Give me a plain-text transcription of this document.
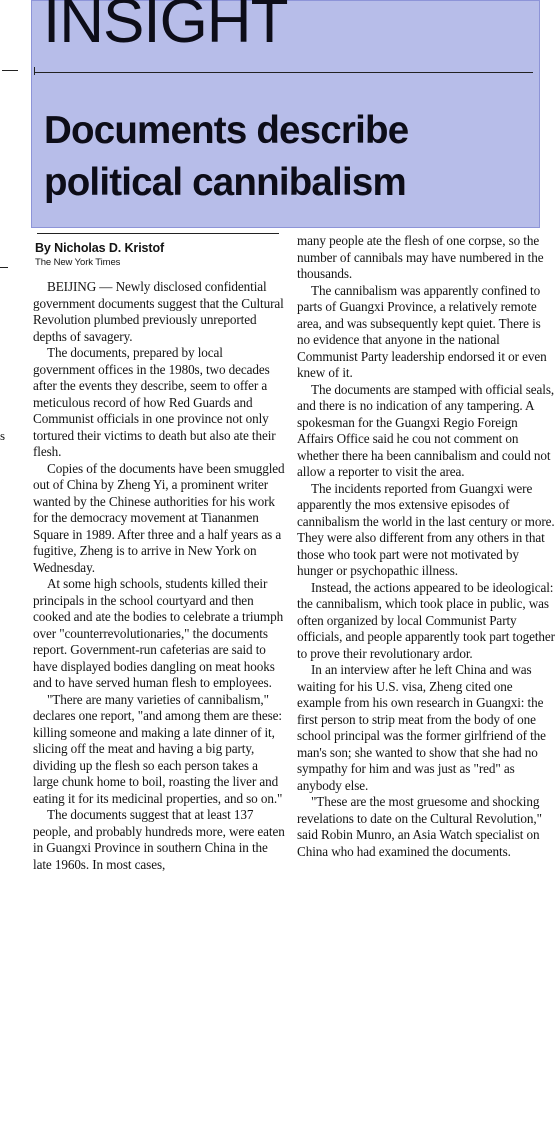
INSIGHT
Documents describe political cannibalism
s
By Nicholas D. Kristof
The New York Times

BEIJING — Newly disclosed confidential government documents suggest that the Cultural Revolution plumbed previously unreported depths of savagery.

The documents, prepared by local government offices in the 1980s, two decades after the events they describe, seem to offer a meticulous record of how Red Guards and Communist officials in one province not only tortured their victims to death but also ate their flesh.

Copies of the documents have been smuggled out of China by Zheng Yi, a prominent writer wanted by the Chinese authorities for his work for the democracy movement at Tiananmen Square in 1989. After three and a half years as a fugitive, Zheng is to arrive in New York on Wednesday.

At some high schools, students killed their principals in the school courtyard and then cooked and ate the bodies to celebrate a triumph over "counterrevolutionaries," the documents report. Government-run cafeterias are said to have displayed bodies dangling on meat hooks and to have served human flesh to employees.

"There are many varieties of cannibalism," declares one report, "and among them are these: killing someone and making a late dinner of it, slicing off the meat and having a big party, dividing up the flesh so each person takes a large chunk home to boil, roasting the liver and eating it for its medicinal properties, and so on."

The documents suggest that at least 137 people, and probably hundreds more, were eaten in Guangxi Province in southern China in the late 1960s. In most cases,

many people ate the flesh of one corpse, so the number of cannibals may have numbered in the thousands.

The cannibalism was apparently confined to parts of Guangxi Province, a relatively remote area, and was subsequently kept quiet. There is no evidence that anyone in the national Communist Party leadership endorsed it or even knew of it.

The documents are stamped with official seals, and there is no indication of any tampering. A spokesman for the Guangxi Regio Foreign Affairs Office said he cou not comment on whether there ha been cannibalism and could not allow a reporter to visit the area.

The incidents reported from Guangxi were apparently the mos extensive episodes of cannibalism the world in the last century or more. They were also different from any others in that those who took part were not motivated by hunger or psychopathic illness.

Instead, the actions appeared to be ideological: the cannibalism, which took place in public, was often organized by local Communist Party officials, and people apparently took part together to prove their revolutionary ardor.

In an interview after he left China and was waiting for his U.S. visa, Zheng cited one example from his own research in Guangxi: the first person to strip meat from the body of one school principal was the former girlfriend of the man's son; she wanted to show that she had no sympathy for him and was just as "red" as anybody else.

"These are the most gruesome and shocking revelations to date on the Cultural Revolution," said Robin Munro, an Asia Watch specialist on China who had examined the documents.
